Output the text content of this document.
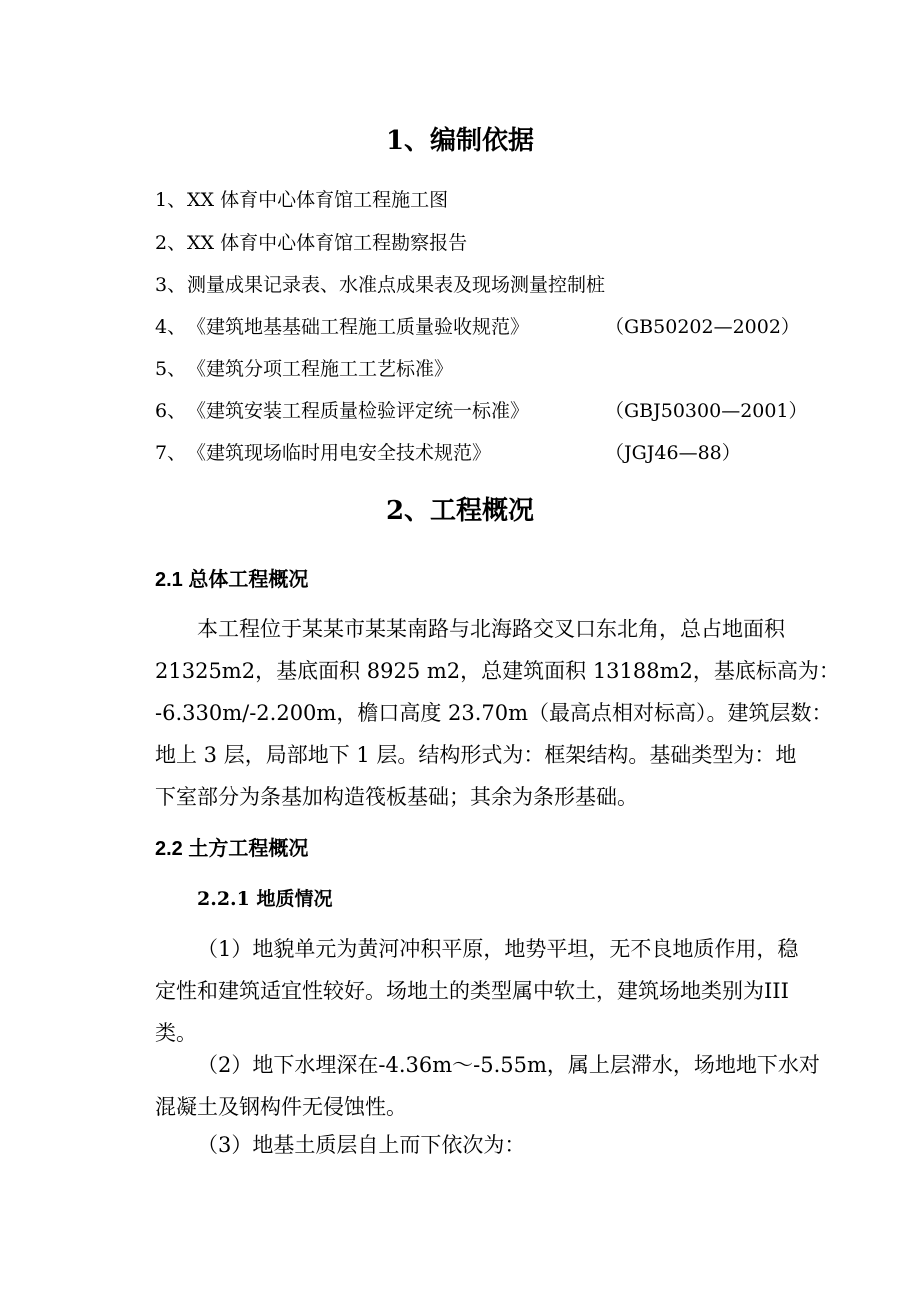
1、编制依据
1、XX 体育中心体育馆工程施工图
2、XX 体育中心体育馆工程勘察报告
3、测量成果记录表、水准点成果表及现场测量控制桩
4、《建筑地基基础工程施工质量验收规范》	（GB50202—2002）
5、《建筑分项工程施工工艺标准》
6、《建筑安装工程质量检验评定统一标准》	（GBJ50300—2001）
7、《建筑现场临时用电安全技术规范》	（JGJ46—88）
2、工程概况
2.1 总体工程概况
本工程位于某某市某某南路与北海路交叉口东北角，总占地面积
21325m2，基底面积 8925 m2，总建筑面积 13188m2，基底标高为：
-6.330m/-2.200m，檐口高度 23.70m（最高点相对标高）。建筑层数：
地上 3 层，局部地下 1 层。结构形式为：框架结构。基础类型为：地
下室部分为条基加构造筏板基础；其余为条形基础。
2.2 土方工程概况
2.2.1 地质情况
（1）地貌单元为黄河冲积平原，地势平坦，无不良地质作用，稳
定性和建筑适宜性较好。场地土的类型属中软土，建筑场地类别为III
类。
（2）地下水埋深在-4.36m～-5.55m，属上层滞水，场地地下水对
混凝土及钢构件无侵蚀性。
（3）地基土质层自上而下依次为：
